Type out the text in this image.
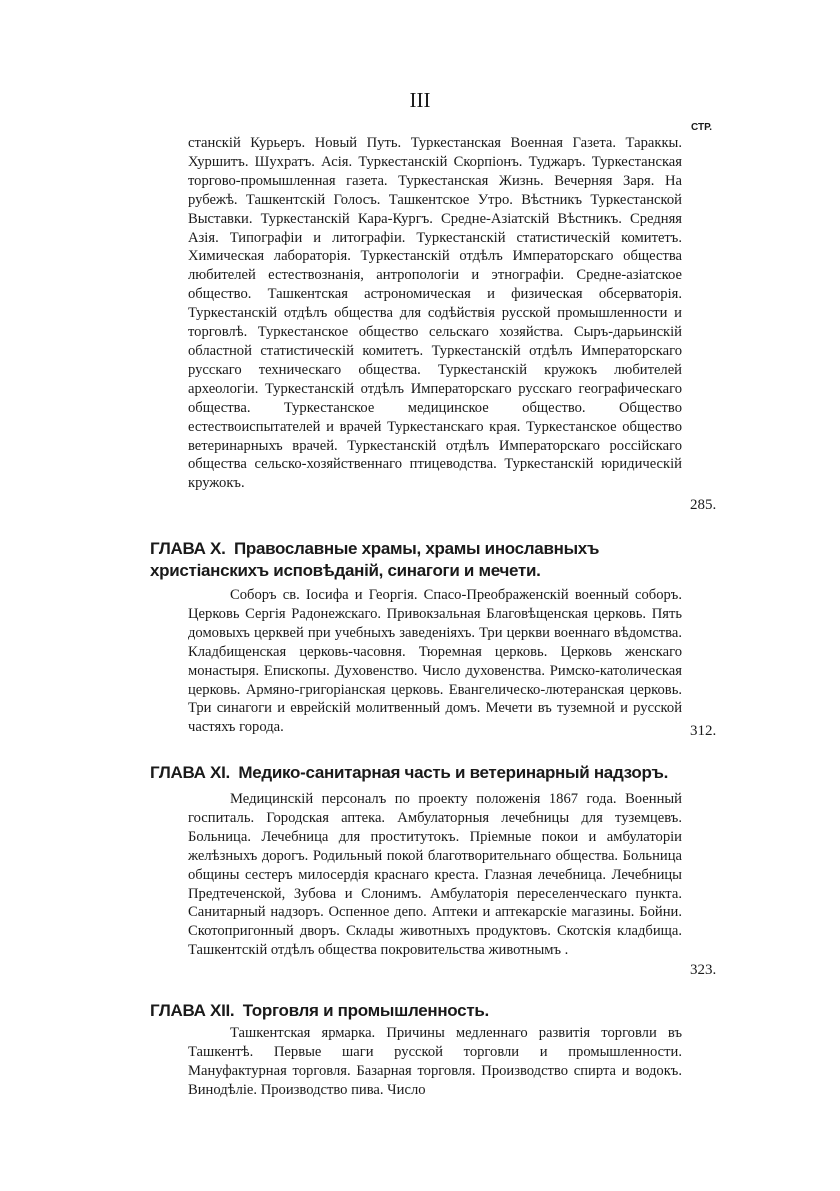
III
СТР.
станскій Курьеръ. Новый Путь. Туркестанская Военная Газета. Тараккы. Хуршитъ. Шухратъ. Асія. Туркестанскій Скорпіонъ. Туджаръ. Туркестанская торгово-промышленная газета. Туркестанская Жизнь. Вечерняя Заря. На рубежѣ. Ташкентскій Голосъ. Ташкентское Утро. Вѣстникъ Туркестанской Выставки. Туркестанскій Кара-Кургъ. Средне-Азіатскій Вѣстникъ. Средняя Азія. Типографіи и литографіи. Туркестанскій статистическій комитетъ. Химическая лабораторія. Туркестанскій отдѣлъ Императорскаго общества любителей естествознанія, антропологіи и этнографіи. Средне-азіатское общество. Ташкентская астрономическая и физическая обсерваторія. Туркестанскій отдѣлъ общества для содѣйствія русской промышленности и торговлѣ. Туркестанское общество сельскаго хозяйства. Сыръ-дарьинскій областной статистическій комитетъ. Туркестанскій отдѣлъ Императорскаго русскаго техническаго общества. Туркестанскій кружокъ любителей археологіи. Туркестанскій отдѣлъ Императорскаго русскаго географическаго общества. Туркестанское медицинское общество. Общество естествоиспытателей и врачей Туркестанскаго края. Туркестанское общество ветеринарныхъ врачей. Туркестанскій отдѣлъ Императорскаго россійскаго общества сельско-хозяйственнаго птицеводства. Туркестанскій юридическій кружокъ.
285.
ГЛАВА X. Православные храмы, храмы инославныхъ христіанскихъ исповѣданій, синагоги и мечети.
Соборъ св. Іосифа и Георгія. Спасо-Преображенскій военный соборъ. Церковь Сергія Радонежскаго. Привокзальная Благовѣщенская церковь. Пять домовыхъ церквей при учебныхъ заведеніяхъ. Три церкви военнаго вѣдомства. Кладбищенская церковь-часовня. Тюремная церковь. Церковь женскаго монастыря. Епископы. Духовенство. Число духовенства. Римско-католическая церковь. Армяно-григоріанская церковь. Евангелическо-лютеранская церковь. Три синагоги и еврейскій молитвенный домъ. Мечети въ туземной и русской частяхъ города.	312.
ГЛАВА XI. Медико-санитарная часть и ветеринарный надзоръ.
Медицинскій персоналъ по проекту положенія 1867 года. Военный госпиталь. Городская аптека. Амбулаторныя лечебницы для туземцевъ. Больница. Лечебница для проститутокъ. Пріемные покои и амбулаторіи желѣзныхъ дорогъ. Родильный покой благотворительнаго общества. Больница общины сестеръ милосердія краснаго креста. Глазная лечебница. Лечебницы Предтеченской, Зубова и Слонимъ. Амбулаторія переселенческаго пункта. Санитарный надзоръ. Оспенное депо. Аптеки и аптекарскіе магазины. Бойни. Скотопригонный дворъ. Склады животныхъ продуктовъ. Скотскія кладбища. Ташкентскій отдѣлъ общества покровительства животнымъ .
323.
ГЛАВА XII. Торговля и промышленность.
Ташкентская ярмарка. Причины медленнаго развитія торговли въ Ташкентѣ. Первые шаги русской торговли и промышленности. Мануфактурная торговля. Базарная торговля. Производство спирта и водокъ. Винодѣліе. Производство пива. Число
